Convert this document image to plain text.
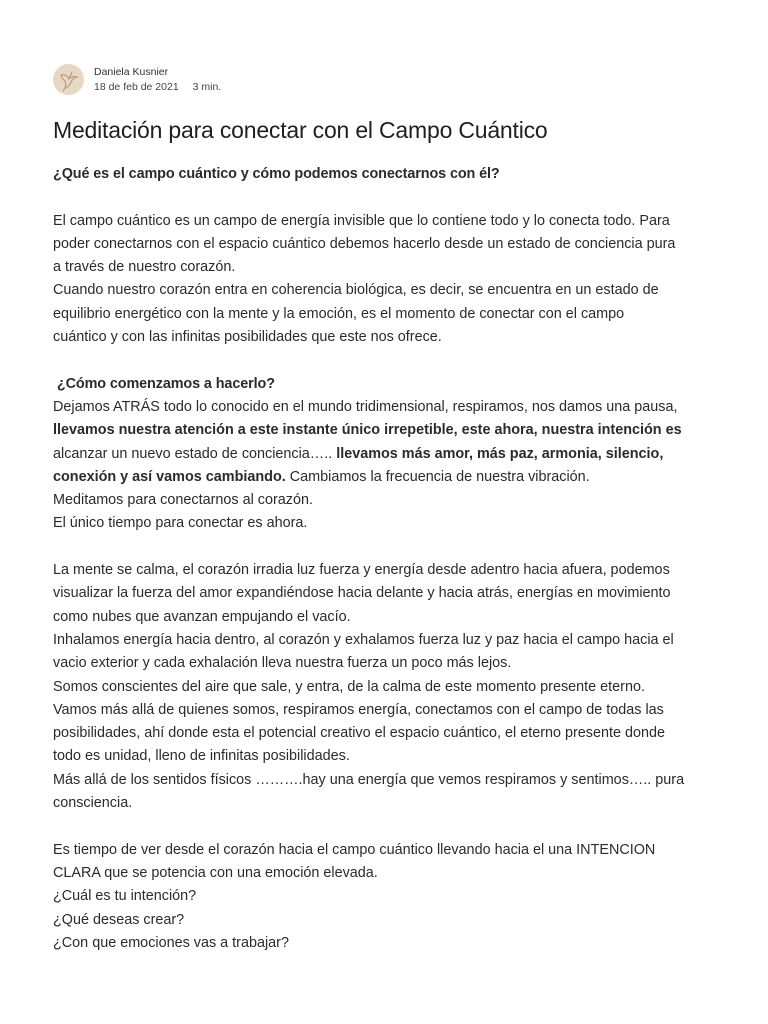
Daniela Kusnier
18 de feb de 2021 3 min.
Meditación para conectar con el Campo Cuántico

¿Qué es el campo cuántico y cómo podemos conectarnos con él?

El campo cuántico es un campo de energía invisible que lo contiene todo y lo conecta todo. Para

poder conectarnos con el espacio cuántico debemos hacerlo desde un estado de conciencia pura

a través de nuestro corazón.

Cuando nuestro corazón entra en coherencia biológica, es decir, se encuentra en un estado de

equilibrio energético con la mente y la emoción, es el momento de conectar con el campo

cuántico y con las infinitas posibilidades que este nos ofrece.

¿Cómo comenzamos a hacerlo?

Dejamos ATRÁS todo lo conocido en el mundo tridimensional, respiramos, nos damos una pausa,

llevamos nuestra atención a este instante único irrepetible, este ahora, nuestra intención es

alcanzar un nuevo estado de conciencia….. llevamos más amor, más paz, armonia, silencio,

conexión y así vamos cambiando. Cambiamos la frecuencia de nuestra vibración.

Meditamos para conectarnos al corazón.

El único tiempo para conectar es ahora.

La mente se calma, el corazón irradia luz fuerza y energía desde adentro hacia afuera, podemos

visualizar la fuerza del amor expandiéndose hacia delante y hacia atrás, energías en movimiento

como nubes que avanzan empujando el vacío.

Inhalamos energía hacia dentro, al corazón y exhalamos fuerza luz y paz hacia el campo hacia el

vacio exterior y cada exhalación lleva nuestra fuerza un poco más lejos.

Somos conscientes del aire que sale, y entra, de la calma de este momento presente eterno.

Vamos más allá de quienes somos, respiramos energía, conectamos con el campo de todas las

posibilidades, ahí donde esta el potencial creativo el espacio cuántico, el eterno presente donde

todo es unidad, lleno de infinitas posibilidades.

Más allá de los sentidos físicos ……….hay una energía que vemos respiramos y sentimos….. pura

consciencia.

Es tiempo de ver desde el corazón hacia el campo cuántico llevando hacia el una INTENCION

CLARA que se potencia con una emoción elevada.

¿Cuál es tu intención?

¿Qué deseas crear?

¿Con que emociones vas a trabajar?
